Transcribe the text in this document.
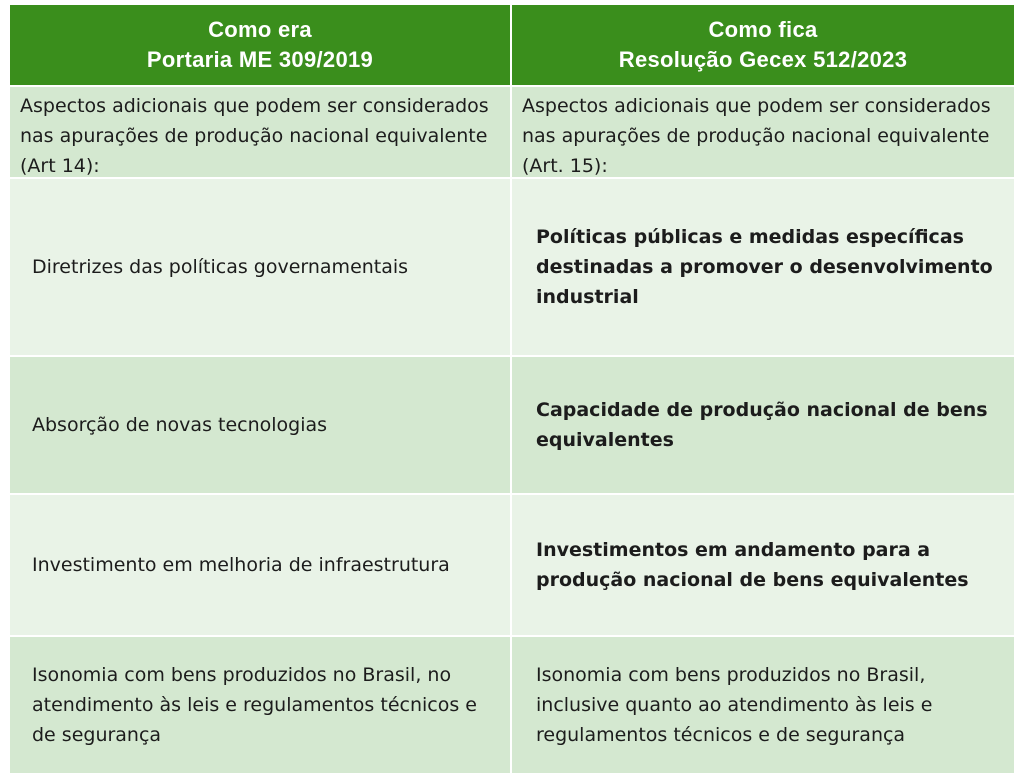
Como era
Portaria ME 309/2019
Como fica
Resolução Gecex 512/2023
Aspectos adicionais que podem ser considerados nas apurações de produção nacional equivalente (Art 14):
Aspectos adicionais que podem ser considerados nas apurações de produção nacional equivalente (Art. 15):
Diretrizes das políticas governamentais
Políticas públicas e medidas específicas destinadas a promover o desenvolvimento industrial
Absorção de novas tecnologias
Capacidade de produção nacional de bens equivalentes
Investimento em melhoria de infraestrutura
Investimentos em andamento para a produção nacional de bens equivalentes
Isonomia com bens produzidos no Brasil, no atendimento às leis e regulamentos técnicos e de segurança
Isonomia com bens produzidos no Brasil, inclusive quanto ao atendimento às leis e regulamentos técnicos e de segurança
